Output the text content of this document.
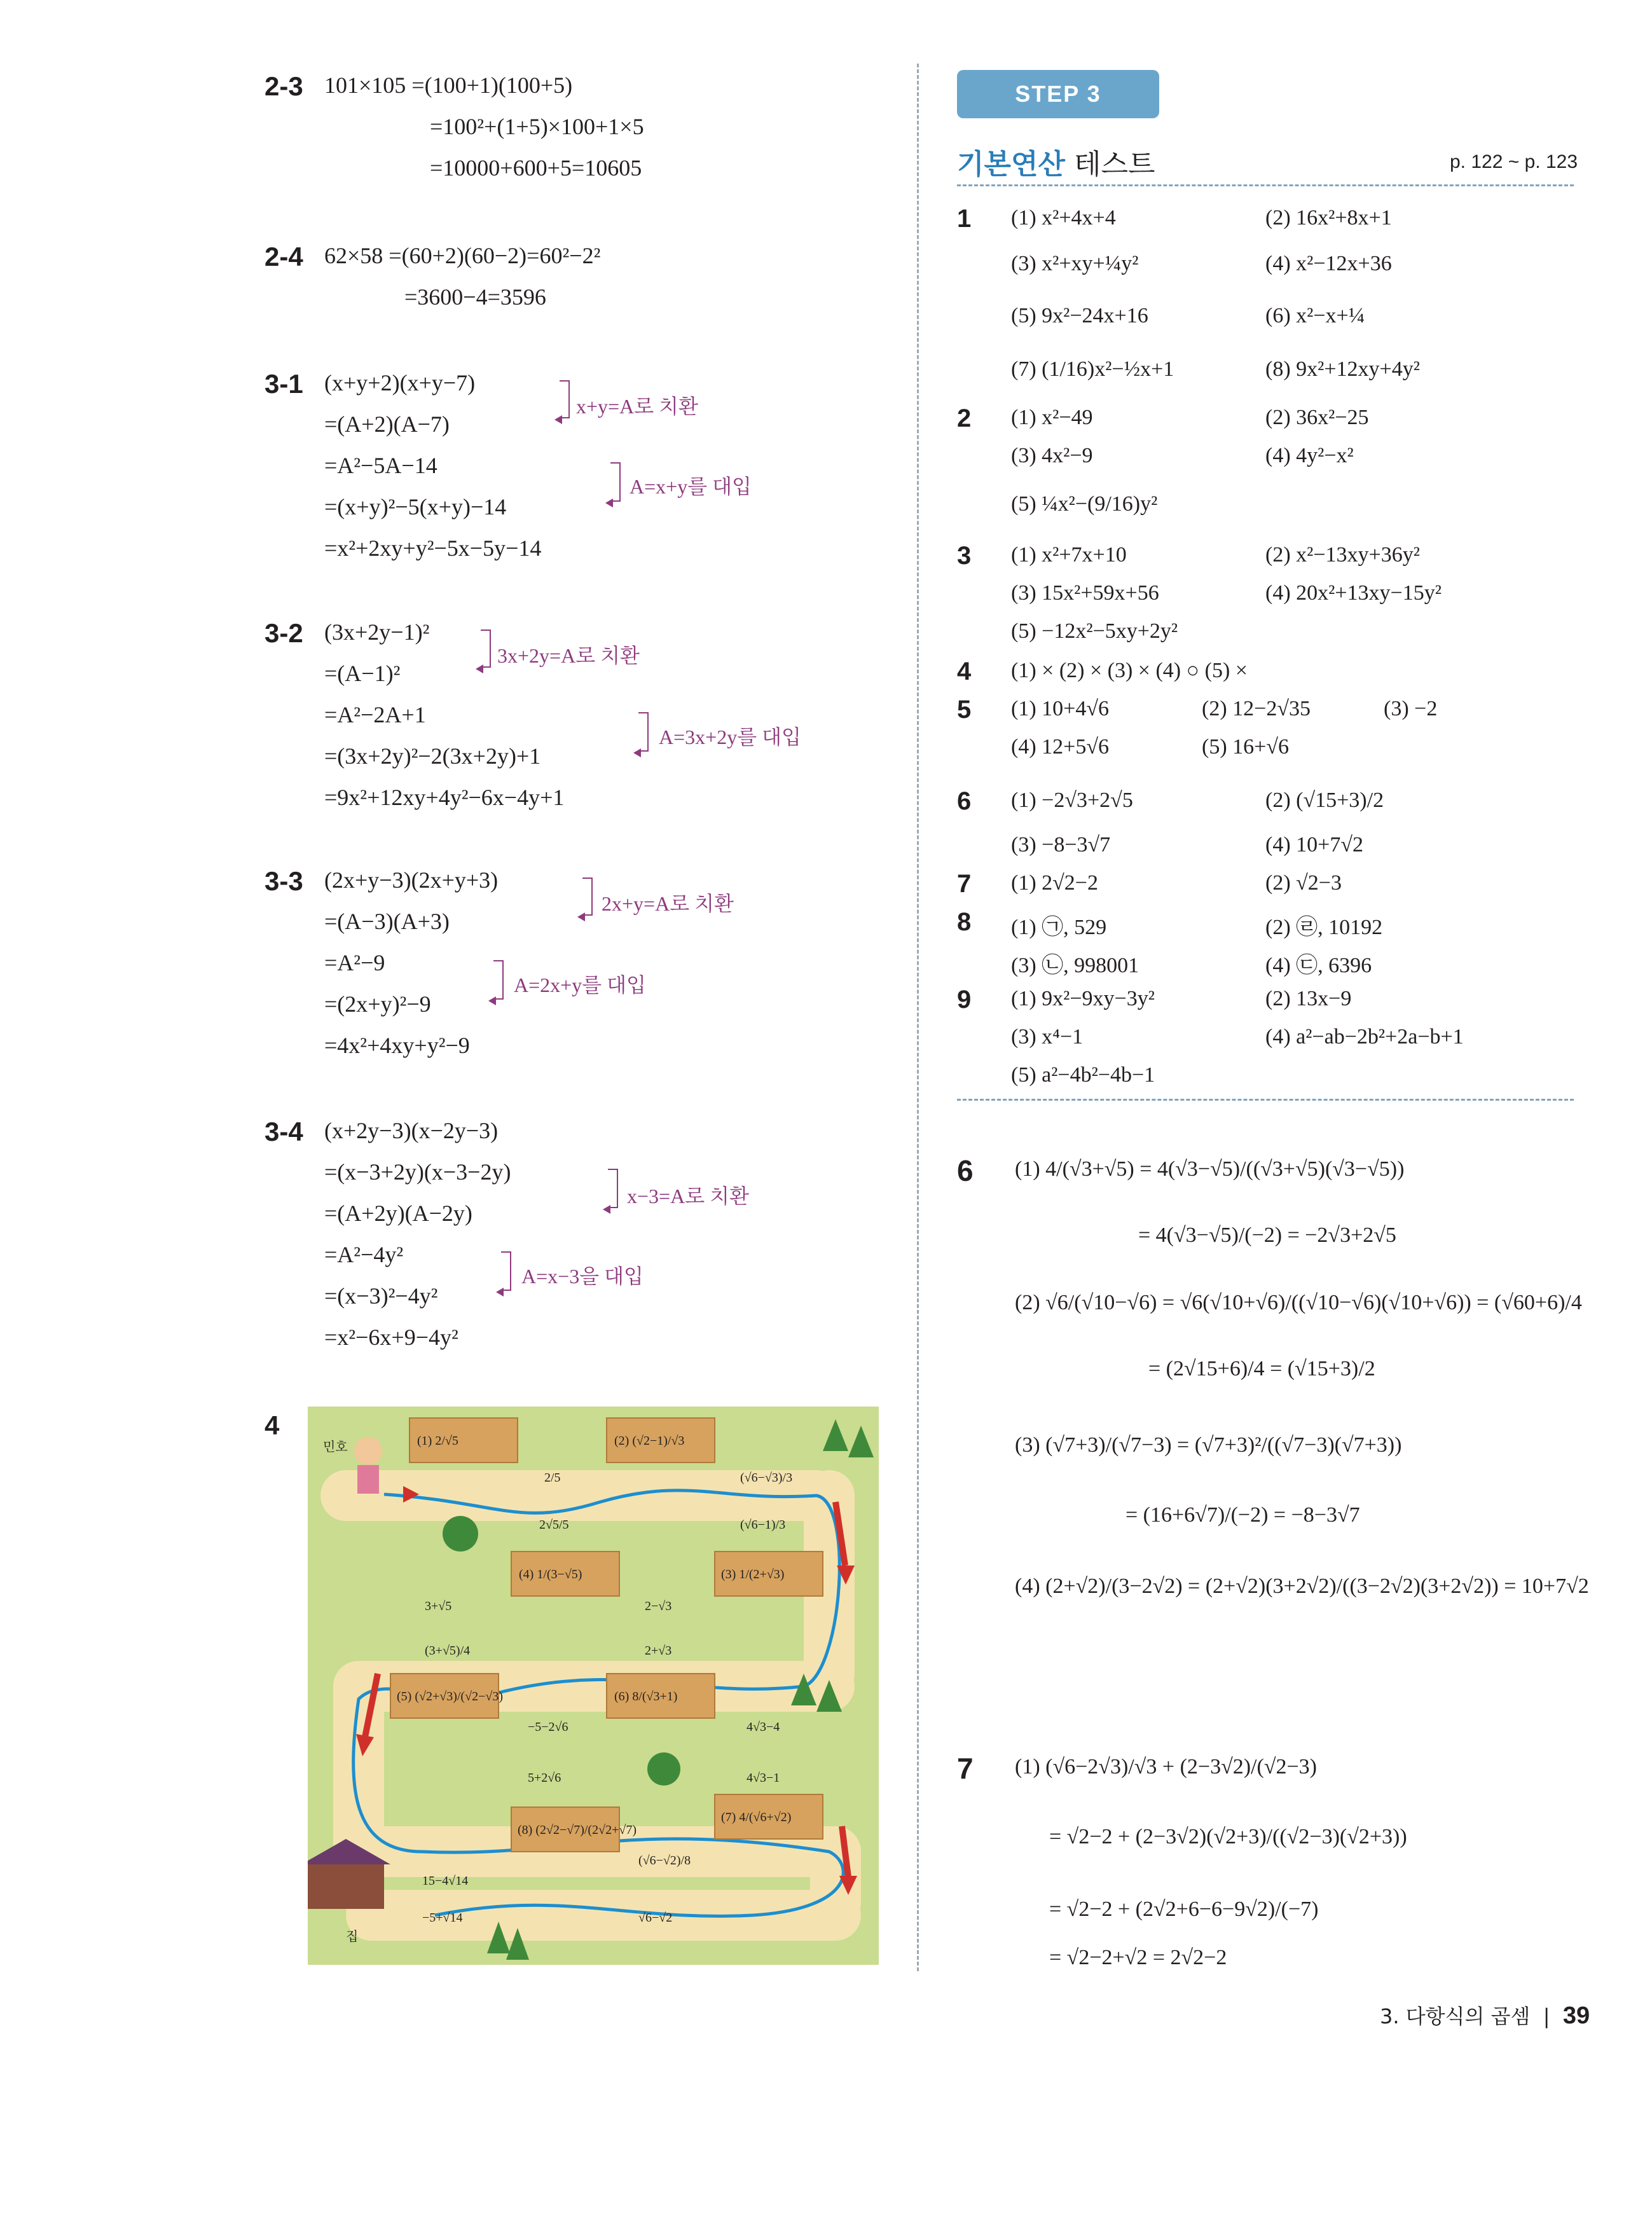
2-3 101×105 =(100+1)(100+5)
=100²+(1+5)×100+1×5
=10000+600+5=10605
2-4 62×58 =(60+2)(60−2)=60²−2²
=3600−4=3596
3-1 (x+y+2)(x+y−7)
=(A+2)(A−7)
=A²−5A−14
=(x+y)²−5(x+y)−14
=x²+2xy+y²−5x−5y−14
x+y=A로 치환
A=x+y를 대입
3-2 (3x+2y−1)²
=(A−1)²
=A²−2A+1
=(3x+2y)²−2(3x+2y)+1
=9x²+12xy+4y²−6x−4y+1
3x+2y=A로 치환
A=3x+2y를 대입
3-3 (2x+y−3)(2x+y+3)
=(A−3)(A+3)
=A²−9
=(2x+y)²−9
=4x²+4xy+y²−9
2x+y=A로 치환
A=2x+y를 대입
3-4 (x+2y−3)(x−2y−3)
=(x−3+2y)(x−3−2y)
=(A+2y)(A−2y)
=A²−4y²
=(x−3)²−4y²
=x²−6x+9−4y²
x−3=A로 치환
A=x−3을 대입
4
민호
집
(1) 2/√5	(2) (√2−1)/√3
(3) 1/(2+√3)
(4) 1/(3−√5)
(5) (√2+√3)/(√2−√3)	(6) 8/(√3+1)
(7) 4/(√6+√2)
(8) (2√2−√7)/(2√2+√7)
2/5
2√5/5
(√6−√3)/3
(√6−1)/3
3+√5
(3+√5)/4
2−√3
2+√3
−5−2√6
5+2√6
4√3−4
4√3−1
15−4√14
−5+√14
(√6−√2)/8
√6−√2
STEP 3
기본연산 테스트	p. 122 ~ p. 123
1 (1) x²+4x+4	(2) 16x²+8x+1
(3) x²+xy+¼y²	(4) x²−12x+36
(5) 9x²−24x+16	(6) x²−x+¼
(7) (1/16)x²−½x+1	(8) 9x²+12xy+4y²
2 (1) x²−49	(2) 36x²−25
(3) 4x²−9	(4) 4y²−x²
(5) ¼x²−(9/16)y²
3 (1) x²+7x+10	(2) x²−13xy+36y²
(3) 15x²+59x+56	(4) 20x²+13xy−15y²
(5) −12x²−5xy+2y²
4 (1) × (2) × (3) × (4) ○ (5) ×
5 (1) 10+4√6	(2) 12−2√35	(3) −2
(4) 12+5√6	(5) 16+√6
6 (1) −2√3+2√5	(2) (√15+3)/2
(3) −8−3√7	(4) 10+7√2
7 (1) 2√2−2	(2) √2−3
8 (1) ㉠, 529	(2) ㉣, 10192
(3) ㉡, 998001	(4) ㉢, 6396
9 (1) 9x²−9xy−3y²	(2) 13x−9
(3) x⁴−1	(4) a²−ab−2b²+2a−b+1
(5) a²−4b²−4b−1
6 (1) 4/(√3+√5) = 4(√3−√5)/((√3+√5)(√3−√5))
= 4(√3−√5)/(−2) = −2√3+2√5
(2) √6/(√10−√6) = √6(√10+√6)/((√10−√6)(√10+√6)) = (√60+6)/4
= (2√15+6)/4 = (√15+3)/2
(3) (√7+3)/(√7−3) = (√7+3)²/((√7−3)(√7+3))
= (16+6√7)/(−2) = −8−3√7
(4) (2+√2)/(3−2√2) = (2+√2)(3+2√2)/((3−2√2)(3+2√2)) = 10+7√2
7 (1) (√6−2√3)/√3 + (2−3√2)/(√2−3)
= √2−2 + (2−3√2)(√2+3)/((√2−3)(√2+3))
= √2−2 + (2√2+6−6−9√2)/(−7)
= √2−2+√2 = 2√2−2
3. 다항식의 곱셈  |  39
